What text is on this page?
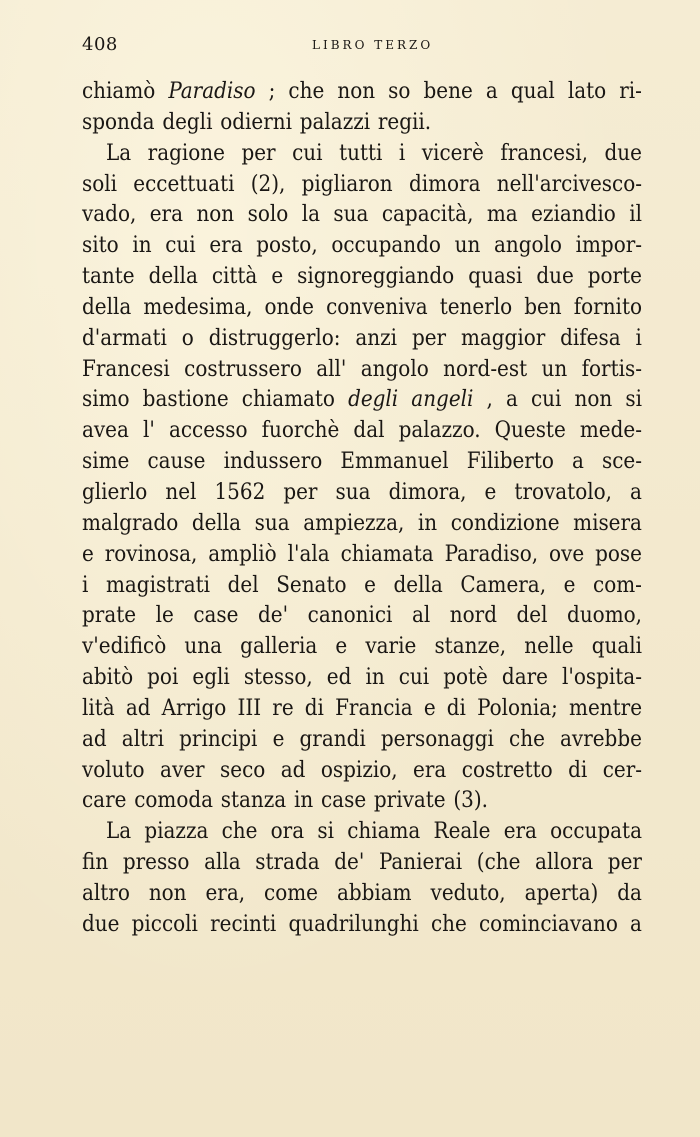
408	LIBRO TERZO
chiamò Paradiso ; che non so bene a qual lato ri-
sponda degli odierni palazzi regii.
La ragione per cui tutti i vicerè francesi, due
soli eccettuati (2), pigliaron dimora nell'arcivesco-
vado, era non solo la sua capacità, ma eziandio il
sito in cui era posto, occupando un angolo impor-
tante della città e signoreggiando quasi due porte
della medesima, onde conveniva tenerlo ben fornito
d'armati o distruggerlo: anzi per maggior difesa i
Francesi costrussero all' angolo nord-est un fortis-
simo bastione chiamato degli angeli , a cui non si
avea l' accesso fuorchè dal palazzo. Queste mede-
sime cause indussero Emmanuel Filiberto a sce-
glierlo nel 1562 per sua dimora, e trovatolo, a
malgrado della sua ampiezza, in condizione misera
e rovinosa, ampliò l'ala chiamata Paradiso, ove pose
i magistrati del Senato e della Camera, e com-
prate le case de' canonici al nord del duomo,
v'edificò una galleria e varie stanze, nelle quali
abitò poi egli stesso, ed in cui potè dare l'ospita-
lità ad Arrigo III re di Francia e di Polonia; mentre
ad altri principi e grandi personaggi che avrebbe
voluto aver seco ad ospizio, era costretto di cer-
care comoda stanza in case private (3).
La piazza che ora si chiama Reale era occupata
fin presso alla strada de' Panierai (che allora per
altro non era, come abbiam veduto, aperta) da
due piccoli recinti quadrilunghi che cominciavano a
